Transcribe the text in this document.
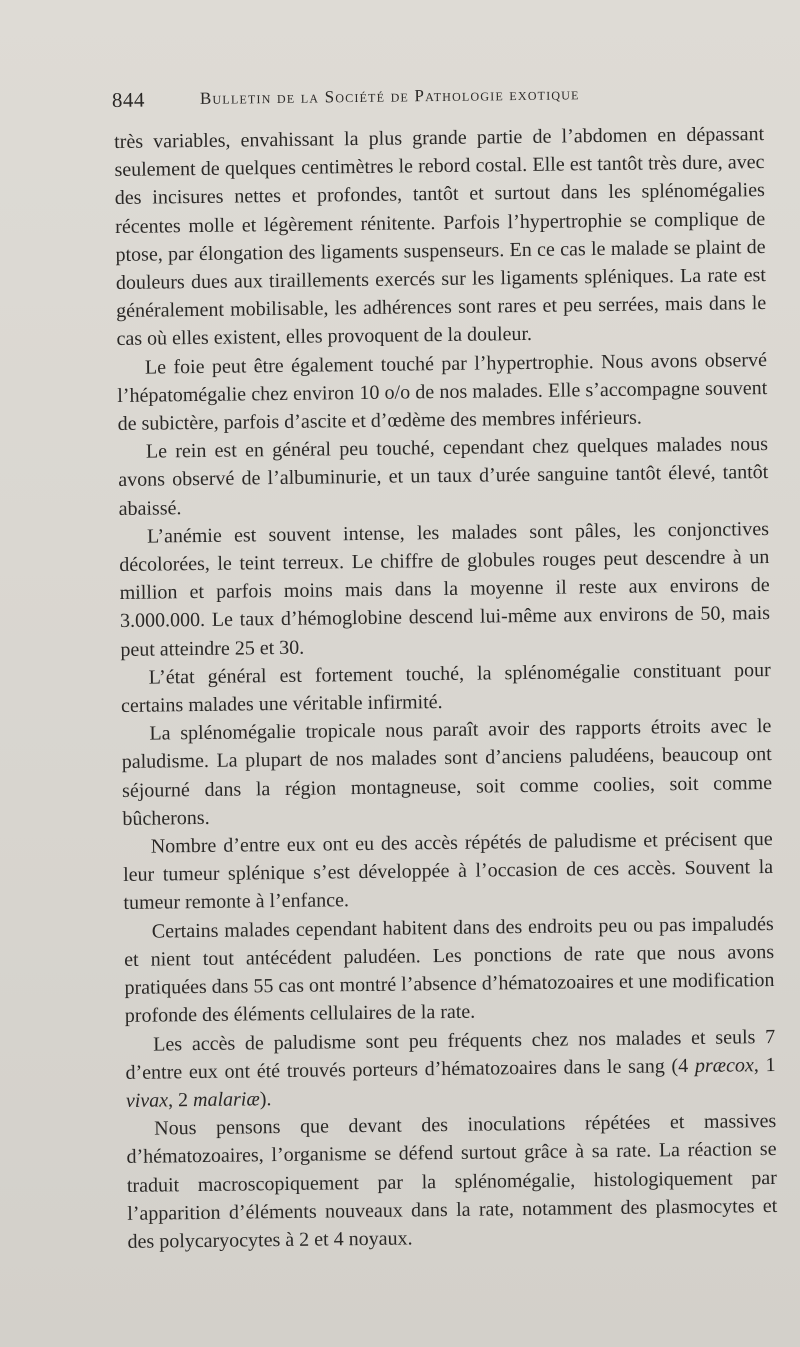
844	Bulletin de la Société de Pathologie exotique

très variables, envahissant la plus grande partie de l’abdomen en dépassant seulement de quelques centimètres le rebord costal. Elle est tantôt très dure, avec des incisures nettes et profondes, tantôt et surtout dans les splénomégalies récentes molle et légèrement rénitente. Parfois l’hypertrophie se complique de ptose, par élongation des ligaments suspenseurs. En ce cas le malade se plaint de douleurs dues aux tiraillements exercés sur les ligaments spléniques. La rate est généralement mobilisable, les adhérences sont rares et peu serrées, mais dans le cas où elles existent, elles provoquent de la douleur.

Le foie peut être également touché par l’hypertrophie. Nous avons observé l’hépatomégalie chez environ 10 o/o de nos malades. Elle s’accompagne souvent de subictère, parfois d’ascite et d’œdème des membres inférieurs.

Le rein est en général peu touché, cependant chez quelques malades nous avons observé de l’albuminurie, et un taux d’urée sanguine tantôt élevé, tantôt abaissé.

L’anémie est souvent intense, les malades sont pâles, les conjonctives décolorées, le teint terreux. Le chiffre de globules rouges peut descendre à un million et parfois moins mais dans la moyenne il reste aux environs de 3.000.000. Le taux d’hémoglobine descend lui-même aux environs de 50, mais peut atteindre 25 et 30.

L’état général est fortement touché, la splénomégalie constituant pour certains malades une véritable infirmité.

La splénomégalie tropicale nous paraît avoir des rapports étroits avec le paludisme. La plupart de nos malades sont d’anciens paludéens, beaucoup ont séjourné dans la région montagneuse, soit comme coolies, soit comme bûcherons.

Nombre d’entre eux ont eu des accès répétés de paludisme et précisent que leur tumeur splénique s’est développée à l’occasion de ces accès. Souvent la tumeur remonte à l’enfance.

Certains malades cependant habitent dans des endroits peu ou pas impaludés et nient tout antécédent paludéen. Les ponctions de rate que nous avons pratiquées dans 55 cas ont montré l’absence d’hématozoaires et une modification profonde des éléments cellulaires de la rate.

Les accès de paludisme sont peu fréquents chez nos malades et seuls 7 d’entre eux ont été trouvés porteurs d’hématozoaires dans le sang (4 præcox, 1 vivax, 2 malariæ).

Nous pensons que devant des inoculations répétées et massives d’hématozoaires, l’organisme se défend surtout grâce à sa rate. La réaction se traduit macroscopiquement par la splénomégalie, histologiquement par l’apparition d’éléments nouveaux dans la rate, notamment des plasmocytes et des polycaryocytes à 2 et 4 noyaux.
